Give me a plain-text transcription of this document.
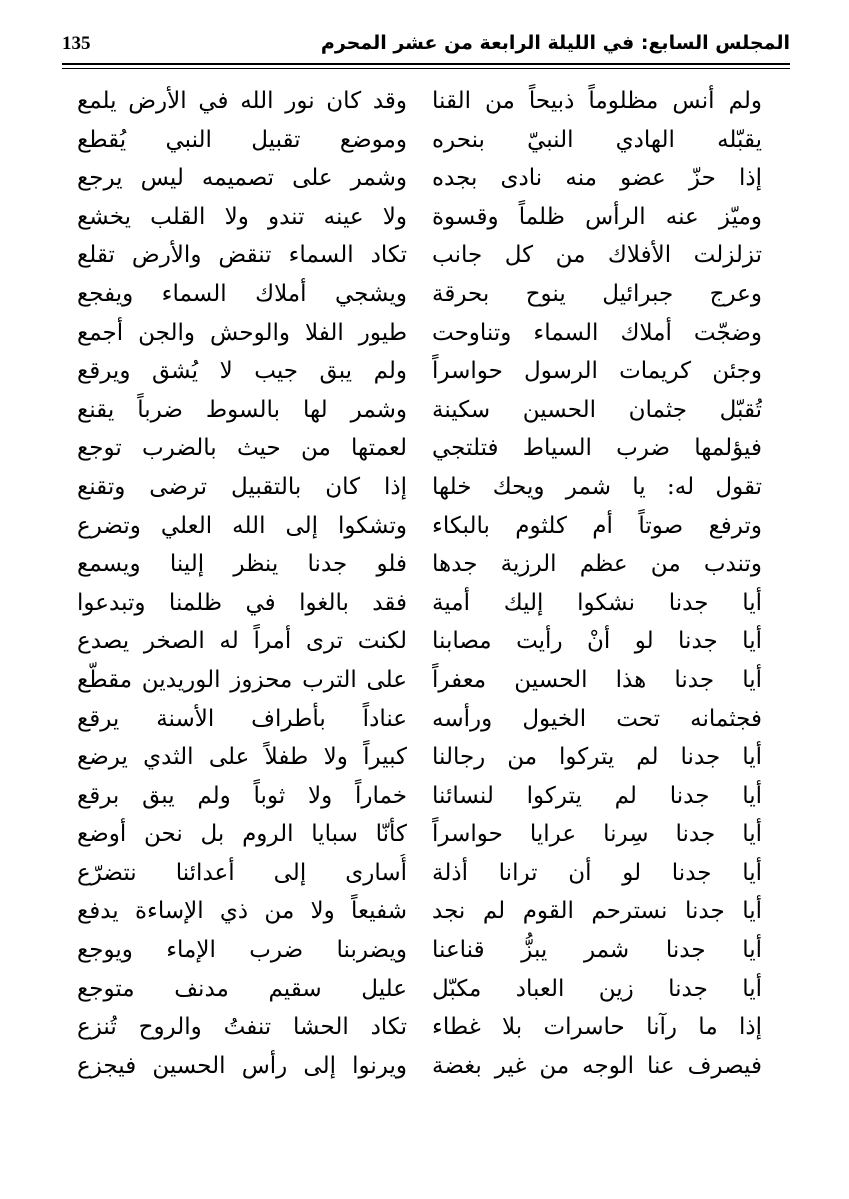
المجلس السابع: في الليلة الرابعة من عشر المحرم
135
ولم أنس مظلوماً ذبيحاً من القنا
يقبّله الهادي النبيّ بنحره
إذا حزّ عضو منه نادى بجده
وميّز عنه الرأس ظلماً وقسوة
تزلزلت الأفلاك من كل جانب
وعرج جبرائيل ينوح بحرقة
وضجّت أملاك السماء وتناوحت
وجئن كريمات الرسول حواسراً
تُقبّل جثمان الحسين سكينة
فيؤلمها ضرب السياط فتلتجي
تقول له: يا شمر ويحك خلها
وترفع صوتاً أم كلثوم بالبكاء
وتندب من عظم الرزية جدها
أيا جدنا نشكوا إليك أمية
أيا جدنا لو أنْ رأيت مصابنا
أيا جدنا هذا الحسين معفراً
فجثمانه تحت الخيول ورأسه
أيا جدنا لم يتركوا من رجالنا
أيا جدنا لم يتركوا لنسائنا
أيا جدنا سِرنا عرايا حواسراً
أيا جدنا لو أن ترانا أذلة
أيا جدنا نسترحم القوم لم نجد
أيا جدنا شمر يبزُّ قناعنا
أيا جدنا زين العباد مكبّل
إذا ما رآنا حاسرات بلا غطاء
فيصرف عنا الوجه من غير بغضة
وقد كان نور الله في الأرض يلمع
وموضع تقبيل النبي يُقطع
وشمر على تصميمه ليس يرجع
ولا عينه تندو ولا القلب يخشع
تكاد السماء تنقض والأرض تقلع
ويشجي أملاك السماء ويفجع
طيور الفلا والوحش والجن أجمع
ولم يبق جيب لا يُشق ويرقع
وشمر لها بالسوط ضرباً يقنع
لعمتها من حيث بالضرب توجع
إذا كان بالتقبيل ترضى وتقنع
وتشكوا إلى الله العلي وتضرع
فلو جدنا ينظر إلينا ويسمع
فقد بالغوا في ظلمنا وتبدعوا
لكنت ترى أمراً له الصخر يصدع
على الترب محزوز الوريدين مقطّع
عناداً بأطراف الأسنة يرقع
كبيراً ولا طفلاً على الثدي يرضع
خماراً ولا ثوباً ولم يبق برقع
كأنّا سبايا الروم بل نحن أوضع
أُسارى إلى أعدائنا نتضرّع
شفيعاً ولا من ذي الإساءة يدفع
ويضربنا ضرب الإماء ويوجع
عليل سقيم مدنف متوجع
تكاد الحشا تنفتُ والروح تُنزع
ويرنوا إلى رأس الحسين فيجزع
